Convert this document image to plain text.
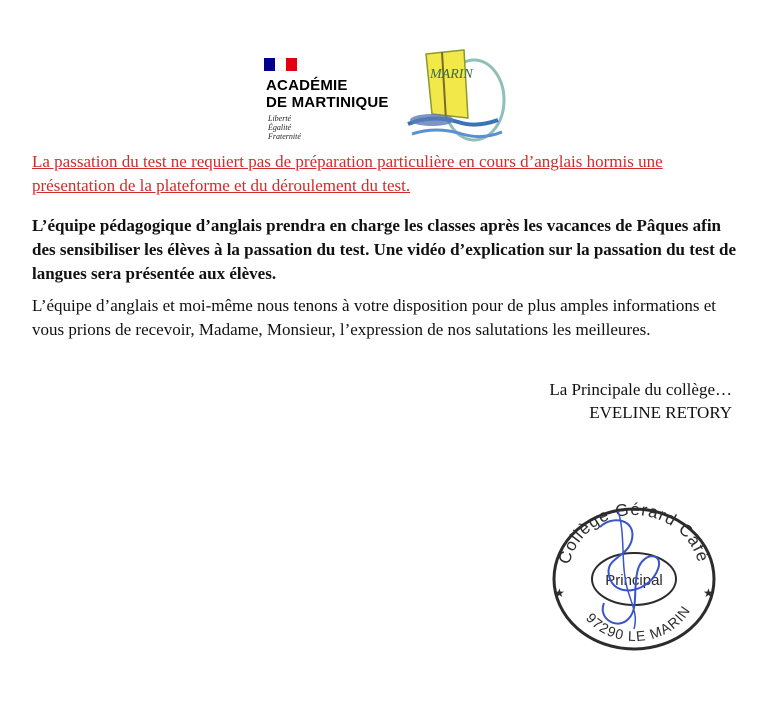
ACADÉMIE
DE MARTINIQUE
Liberté
Égalité
Fraternité
MARIN

La passation du test ne requiert pas de préparation particulière en cours d’anglais hormis une présentation de la plateforme et du déroulement du test.

L’équipe pédagogique d’anglais prendra en charge les classes après les vacances de Pâques afin des sensibiliser les élèves à la passation du test. Une vidéo d’explication sur la passation du test de langues sera présentée aux élèves.

L’équipe d’anglais et moi-même nous tenons à votre disposition pour de plus amples informations et vous prions de recevoir, Madame, Monsieur, l’expression de nos salutations les meilleures.

La Principale du collège…
EVELINE RETORY
Collège Gérard Café
97290 LE MARIN
Principal
★	★
